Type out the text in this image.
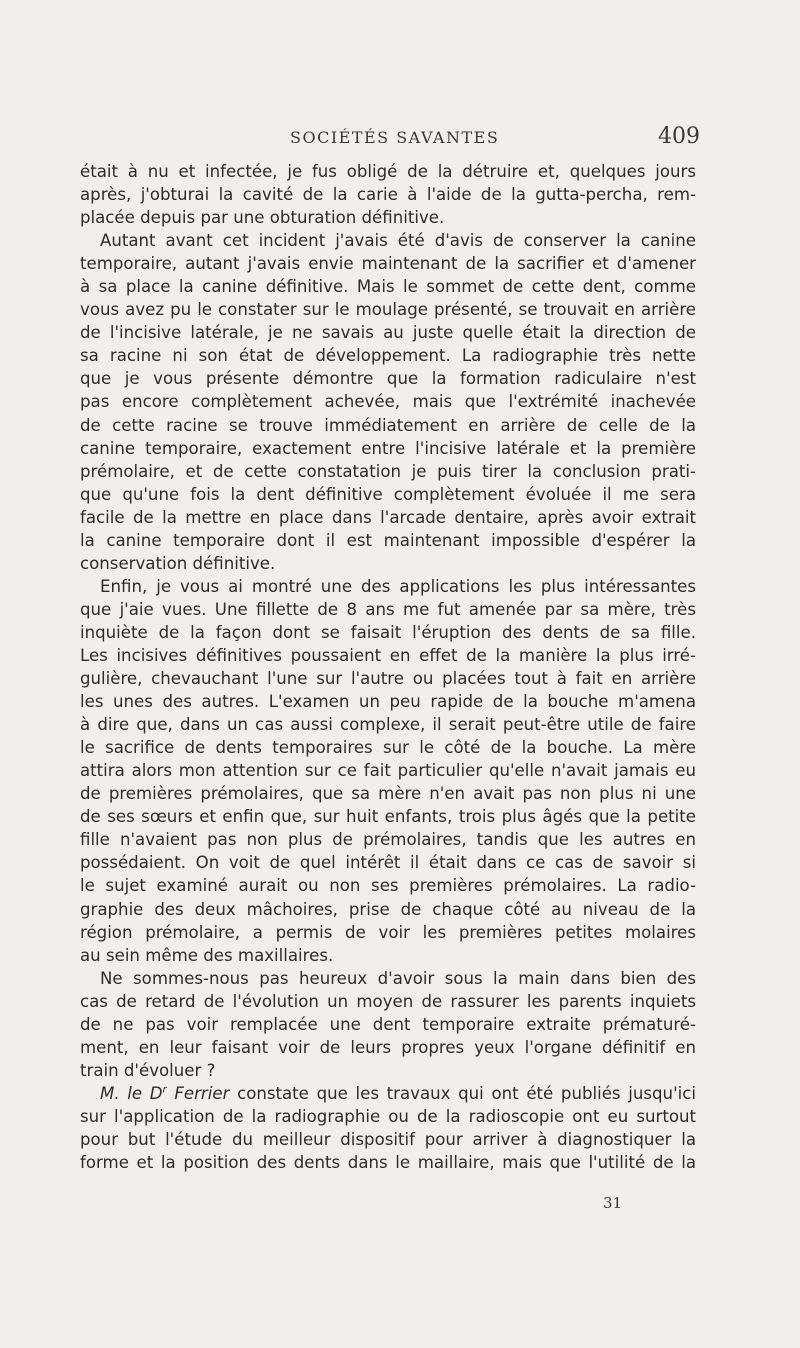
SOCIÉTÉS SAVANTES	409
était à nu et infectée, je fus obligé de la détruire et, quelques jours
après, j'obturai la cavité de la carie à l'aide de la gutta-percha, rem-
placée depuis par une obturation définitive.
Autant avant cet incident j'avais été d'avis de conserver la canine
temporaire, autant j'avais envie maintenant de la sacrifier et d'amener
à sa place la canine définitive. Mais le sommet de cette dent, comme
vous avez pu le constater sur le moulage présenté, se trouvait en arrière
de l'incisive latérale, je ne savais au juste quelle était la direction de
sa racine ni son état de développement. La radiographie très nette
que je vous présente démontre que la formation radiculaire n'est
pas encore complètement achevée, mais que l'extrémité inachevée
de cette racine se trouve immédiatement en arrière de celle de la
canine temporaire, exactement entre l'incisive latérale et la première
prémolaire, et de cette constatation je puis tirer la conclusion prati-
que qu'une fois la dent définitive complètement évoluée il me sera
facile de la mettre en place dans l'arcade dentaire, après avoir extrait
la canine temporaire dont il est maintenant impossible d'espérer la
conservation définitive.
Enfin, je vous ai montré une des applications les plus intéressantes
que j'aie vues. Une fillette de 8 ans me fut amenée par sa mère, très
inquiète de la façon dont se faisait l'éruption des dents de sa fille.
Les incisives définitives poussaient en effet de la manière la plus irré-
gulière, chevauchant l'une sur l'autre ou placées tout à fait en arrière
les unes des autres. L'examen un peu rapide de la bouche m'amena
à dire que, dans un cas aussi complexe, il serait peut-être utile de faire
le sacrifice de dents temporaires sur le côté de la bouche. La mère
attira alors mon attention sur ce fait particulier qu'elle n'avait jamais eu
de premières prémolaires, que sa mère n'en avait pas non plus ni une
de ses sœurs et enfin que, sur huit enfants, trois plus âgés que la petite
fille n'avaient pas non plus de prémolaires, tandis que les autres en
possédaient. On voit de quel intérêt il était dans ce cas de savoir si
le sujet examiné aurait ou non ses premières prémolaires. La radio-
graphie des deux mâchoires, prise de chaque côté au niveau de la
région prémolaire, a permis de voir les premières petites molaires
au sein même des maxillaires.
Ne sommes-nous pas heureux d'avoir sous la main dans bien des
cas de retard de l'évolution un moyen de rassurer les parents inquiets
de ne pas voir remplacée une dent temporaire extraite prématuré-
ment, en leur faisant voir de leurs propres yeux l'organe définitif en
train d'évoluer ?
M. le $D^r$ Ferrier constate que les travaux qui ont été publiés jusqu'ici
sur l'application de la radiographie ou de la radioscopie ont eu surtout
pour but l'étude du meilleur dispositif pour arriver à diagnostiquer la
forme et la position des dents dans le maillaire, mais que l'utilité de la
31
